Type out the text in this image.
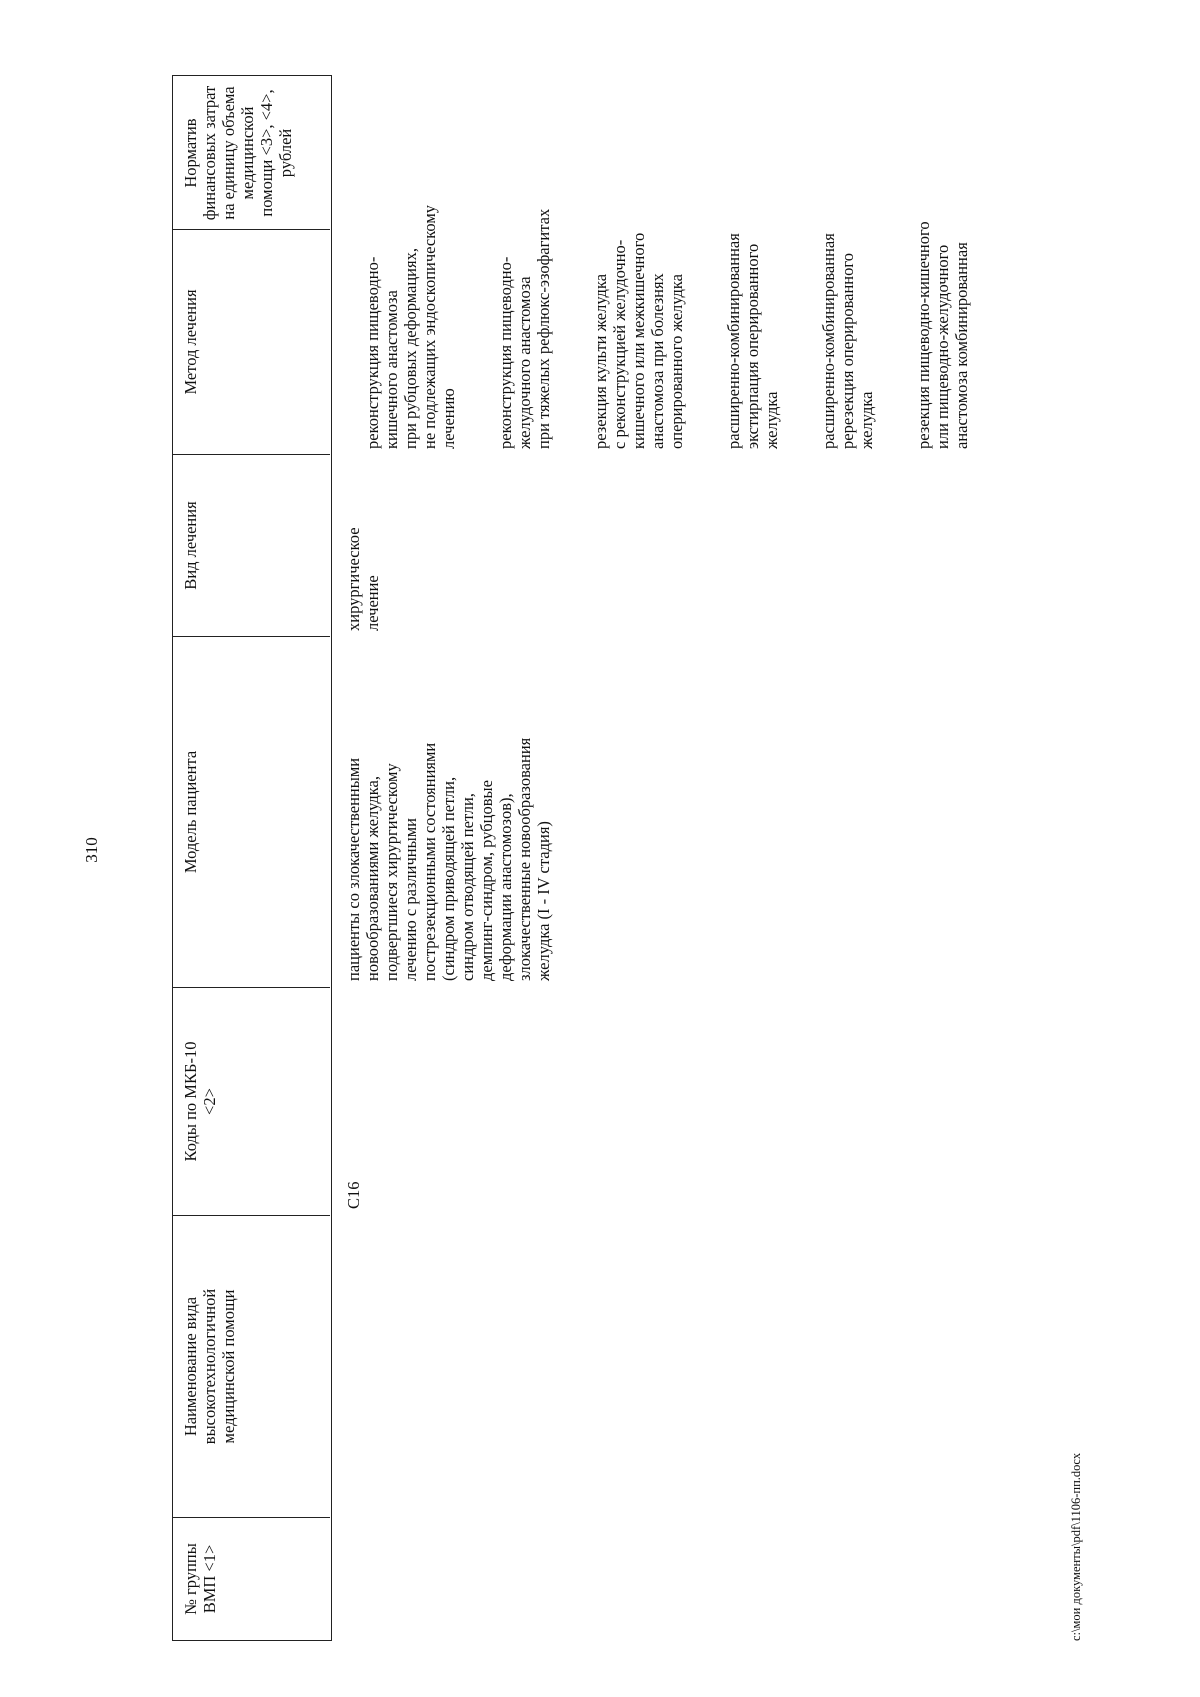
310
№ группы
ВМП <1>
Наименование вида
высокотехнологичной
медицинской помощи
Коды по МКБ-10
<2>
Модель пациента
Вид лечения
Метод лечения
Норматив
финансовых затрат
на единицу объема
медицинской
помощи <3>, <4>,
рублей
C16
пациенты со злокачественными
новообразованиями желудка,
подвергшиеся хирургическому
лечению с различными
пострезекционными состояниями
(синдром приводящей петли,
синдром отводящей петли,
демпинг-синдром, рубцовые
деформации анастомозов),
злокачественные новообразования
желудка (I - IV стадия)
хирургическое
лечение

реконструкция пищеводно-
кишечного анастомоза
при рубцовых деформациях,
не подлежащих эндоскопическому
лечению реконструкция пищеводно-
желудочного анастомоза
при тяжелых рефлюкс-эзофагитах

резекция культи желудка
с реконструкцией желудочно-
кишечного или межкишечного
анастомоза при болезнях
оперированного желудка расширенно-комбинированная
экстирпация оперированного
желудка расширенно-комбинированная
ререзекция оперированного
желудка резекция пищеводно-кишечного
или пищеводно-желудочного
анастомоза комбинированная

c:\мои документы\pdf\1106-пп.docx
